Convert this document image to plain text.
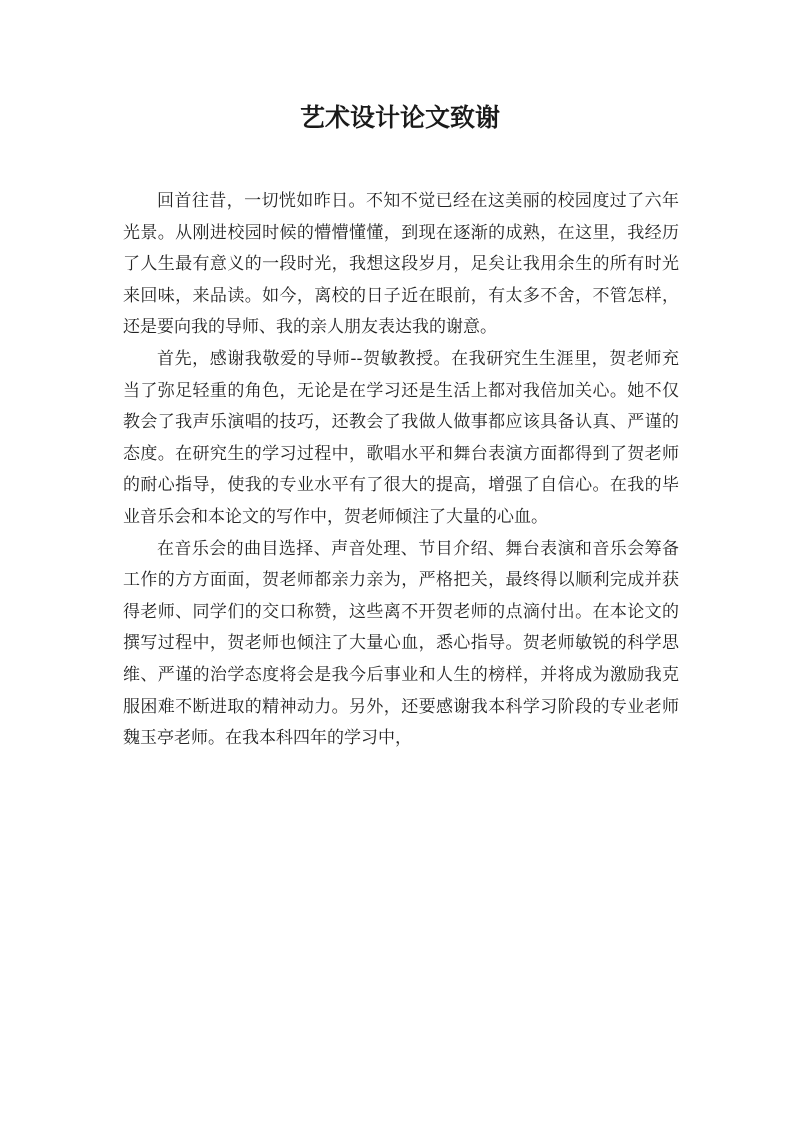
艺术设计论文致谢

回首往昔，一切恍如昨日。不知不觉已经在这美丽的校园度过了六年光景。从刚进校园时候的懵懵懂懂，到现在逐渐的成熟，在这里，我经历了人生最有意义的一段时光，我想这段岁月，足矣让我用余生的所有时光来回味，来品读。如今，离校的日子近在眼前，有太多不舍，不管怎样，还是要向我的导师、我的亲人朋友表达我的谢意。

首先，感谢我敬爱的导师--贺敏教授。在我研究生生涯里，贺老师充当了弥足轻重的角色，无论是在学习还是生活上都对我倍加关心。她不仅教会了我声乐演唱的技巧，还教会了我做人做事都应该具备认真、严谨的态度。在研究生的学习过程中，歌唱水平和舞台表演方面都得到了贺老师的耐心指导，使我的专业水平有了很大的提高，增强了自信心。在我的毕业音乐会和本论文的写作中，贺老师倾注了大量的心血。

在音乐会的曲目选择、声音处理、节目介绍、舞台表演和音乐会筹备工作的方方面面，贺老师都亲力亲为，严格把关，最终得以顺利完成并获得老师、同学们的交口称赞，这些离不开贺老师的点滴付出。在本论文的撰写过程中，贺老师也倾注了大量心血，悉心指导。贺老师敏锐的科学思维、严谨的治学态度将会是我今后事业和人生的榜样，并将成为激励我克服困难不断进取的精神动力。另外，还要感谢我本科学习阶段的专业老师魏玉亭老师。在我本科四年的学习中，
